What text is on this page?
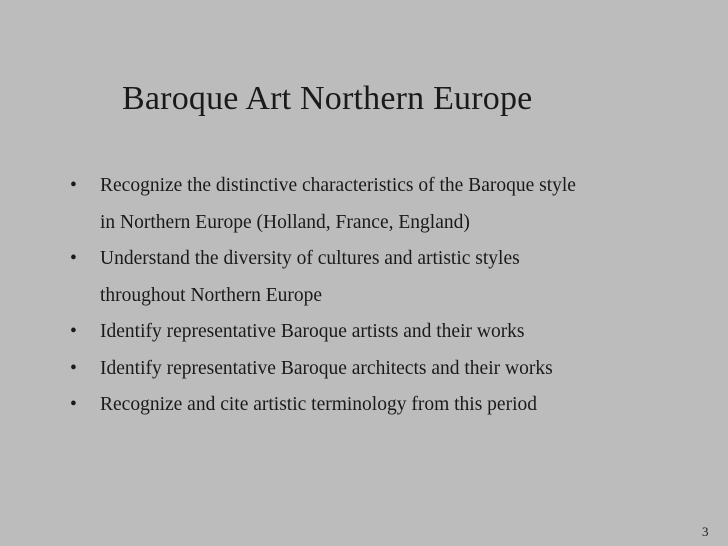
Baroque Art Northern Europe
•	Recognize the distinctive characteristics of the Baroque style
in Northern Europe (Holland, France, England)
•	Understand the diversity of cultures and artistic styles
throughout Northern Europe
•	Identify representative Baroque artists and their works
•	Identify representative Baroque architects and their works
•	Recognize and cite artistic terminology from this period
3
